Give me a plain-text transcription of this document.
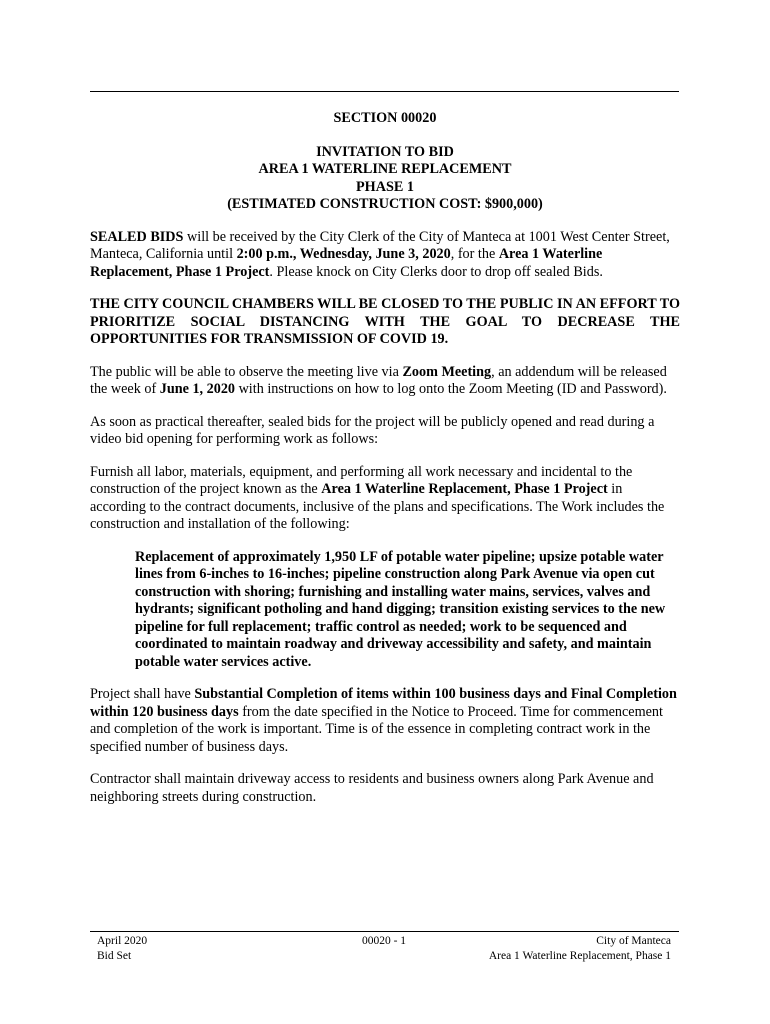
SECTION 00020
INVITATION TO BID
AREA 1 WATERLINE REPLACEMENT
PHASE 1
(ESTIMATED CONSTRUCTION COST: $900,000)

SEALED BIDS will be received by the City Clerk of the City of Manteca at 1001 West Center Street, Manteca, California until 2:00 p.m., Wednesday, June 3, 2020, for the Area 1 Waterline Replacement, Phase 1 Project. Please knock on City Clerks door to drop off sealed Bids.

THE CITY COUNCIL CHAMBERS WILL BE CLOSED TO THE PUBLIC IN AN EFFORT TO PRIORITIZE SOCIAL DISTANCING WITH THE GOAL TO DECREASE THE OPPORTUNITIES FOR TRANSMISSION OF COVID 19.

The public will be able to observe the meeting live via Zoom Meeting, an addendum will be released the week of June 1, 2020 with instructions on how to log onto the Zoom Meeting (ID and Password).

As soon as practical thereafter, sealed bids for the project will be publicly opened and read during a video bid opening for performing work as follows:

Furnish all labor, materials, equipment, and performing all work necessary and incidental to the construction of the project known as the Area 1 Waterline Replacement, Phase 1 Project in according to the contract documents, inclusive of the plans and specifications. The Work includes the construction and installation of the following:

Replacement of approximately 1,950 LF of potable water pipeline; upsize potable water lines from 6-inches to 16-inches; pipeline construction along Park Avenue via open cut construction with shoring; furnishing and installing water mains, services, valves and hydrants; significant potholing and hand digging; transition existing services to the new pipeline for full replacement; traffic control as needed; work to be sequenced and coordinated to maintain roadway and driveway accessibility and safety, and maintain potable water services active.

Project shall have Substantial Completion of items within 100 business days and Final Completion within 120 business days from the date specified in the Notice to Proceed. Time for commencement and completion of the work is important. Time is of the essence in completing contract work in the specified number of business days.

Contractor shall maintain driveway access to residents and business owners along Park Avenue and neighboring streets during construction.

00020 - 1
April 2020
Bid Set
City of Manteca
Area 1 Waterline Replacement, Phase 1
